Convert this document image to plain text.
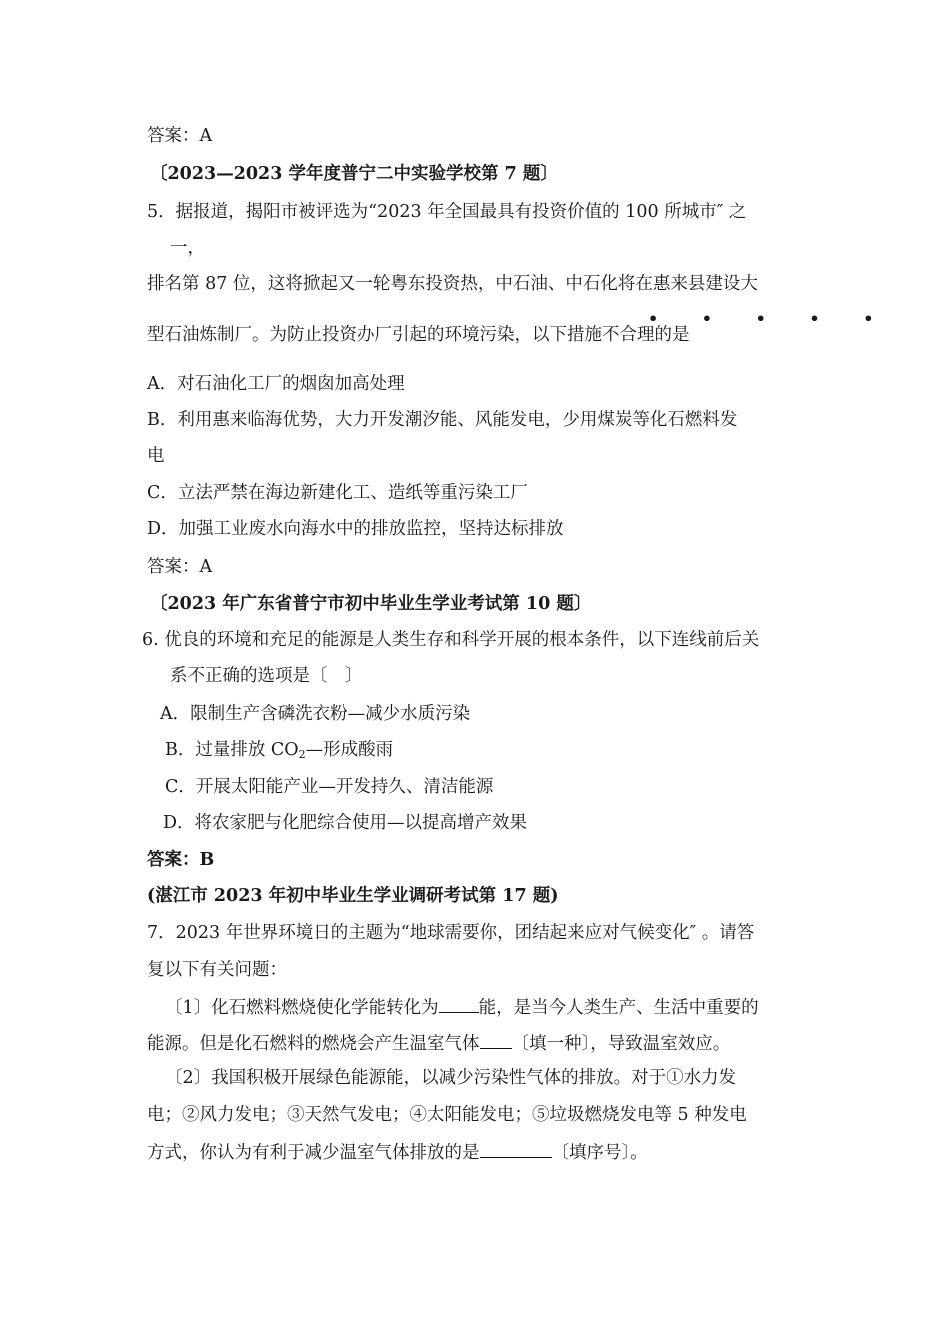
答案：A
〔2023—2023 学年度普宁二中实验学校第 7 题〕
5．据报道，揭阳市被评选为“2023 年全国最具有投资价值的 100 所城市″ 之
一，
排名第 87 位，这将掀起又一轮粤东投资热，中石油、中石化将在惠来县建设大
• • • • •
型石油炼制厂。为防止投资办厂引起的环境污染，以下措施不合理的是
A．对石油化工厂的烟囱加高处理
B．利用惠来临海优势，大力开发潮汐能、风能发电，少用煤炭等化石燃料发
电
C．立法严禁在海边新建化工、造纸等重污染工厂
D．加强工业废水向海水中的排放监控，坚持达标排放
答案：A
〔2023 年广东省普宁市初中毕业生学业考试第 10 题〕
6. 优良的环境和充足的能源是人类生存和科学开展的根本条件，以下连线前后关
系不正确的选项是〔　〕
A．限制生产含磷洗衣粉—减少水质污染
B．过量排放 $CO_2—$形成酸雨
C．开展太阳能产业—开发持久、清洁能源
D．将农家肥与化肥综合使用—以提高增产效果
答案：B
(湛江市 2023 年初中毕业生学业调研考试第 17 题)
7．2023 年世界环境日的主题为“地球需要你，团结起来应对气候变化″ 。请答
复以下有关问题：
〔1〕化石燃料燃烧使化学能转化为 能，是当今人类生产、生活中重要的
能源。但是化石燃料的燃烧会产生温室气体 〔填一种〕，导致温室效应。
〔2〕我国积极开展绿色能源能，以减少污染性气体的排放。对于①水力发
电；②风力发电；③天然气发电；④太阳能发电；⑤垃圾燃烧发电等 5 种发电
方式，你认为有利于减少温室气体排放的是	〔填序号〕。
